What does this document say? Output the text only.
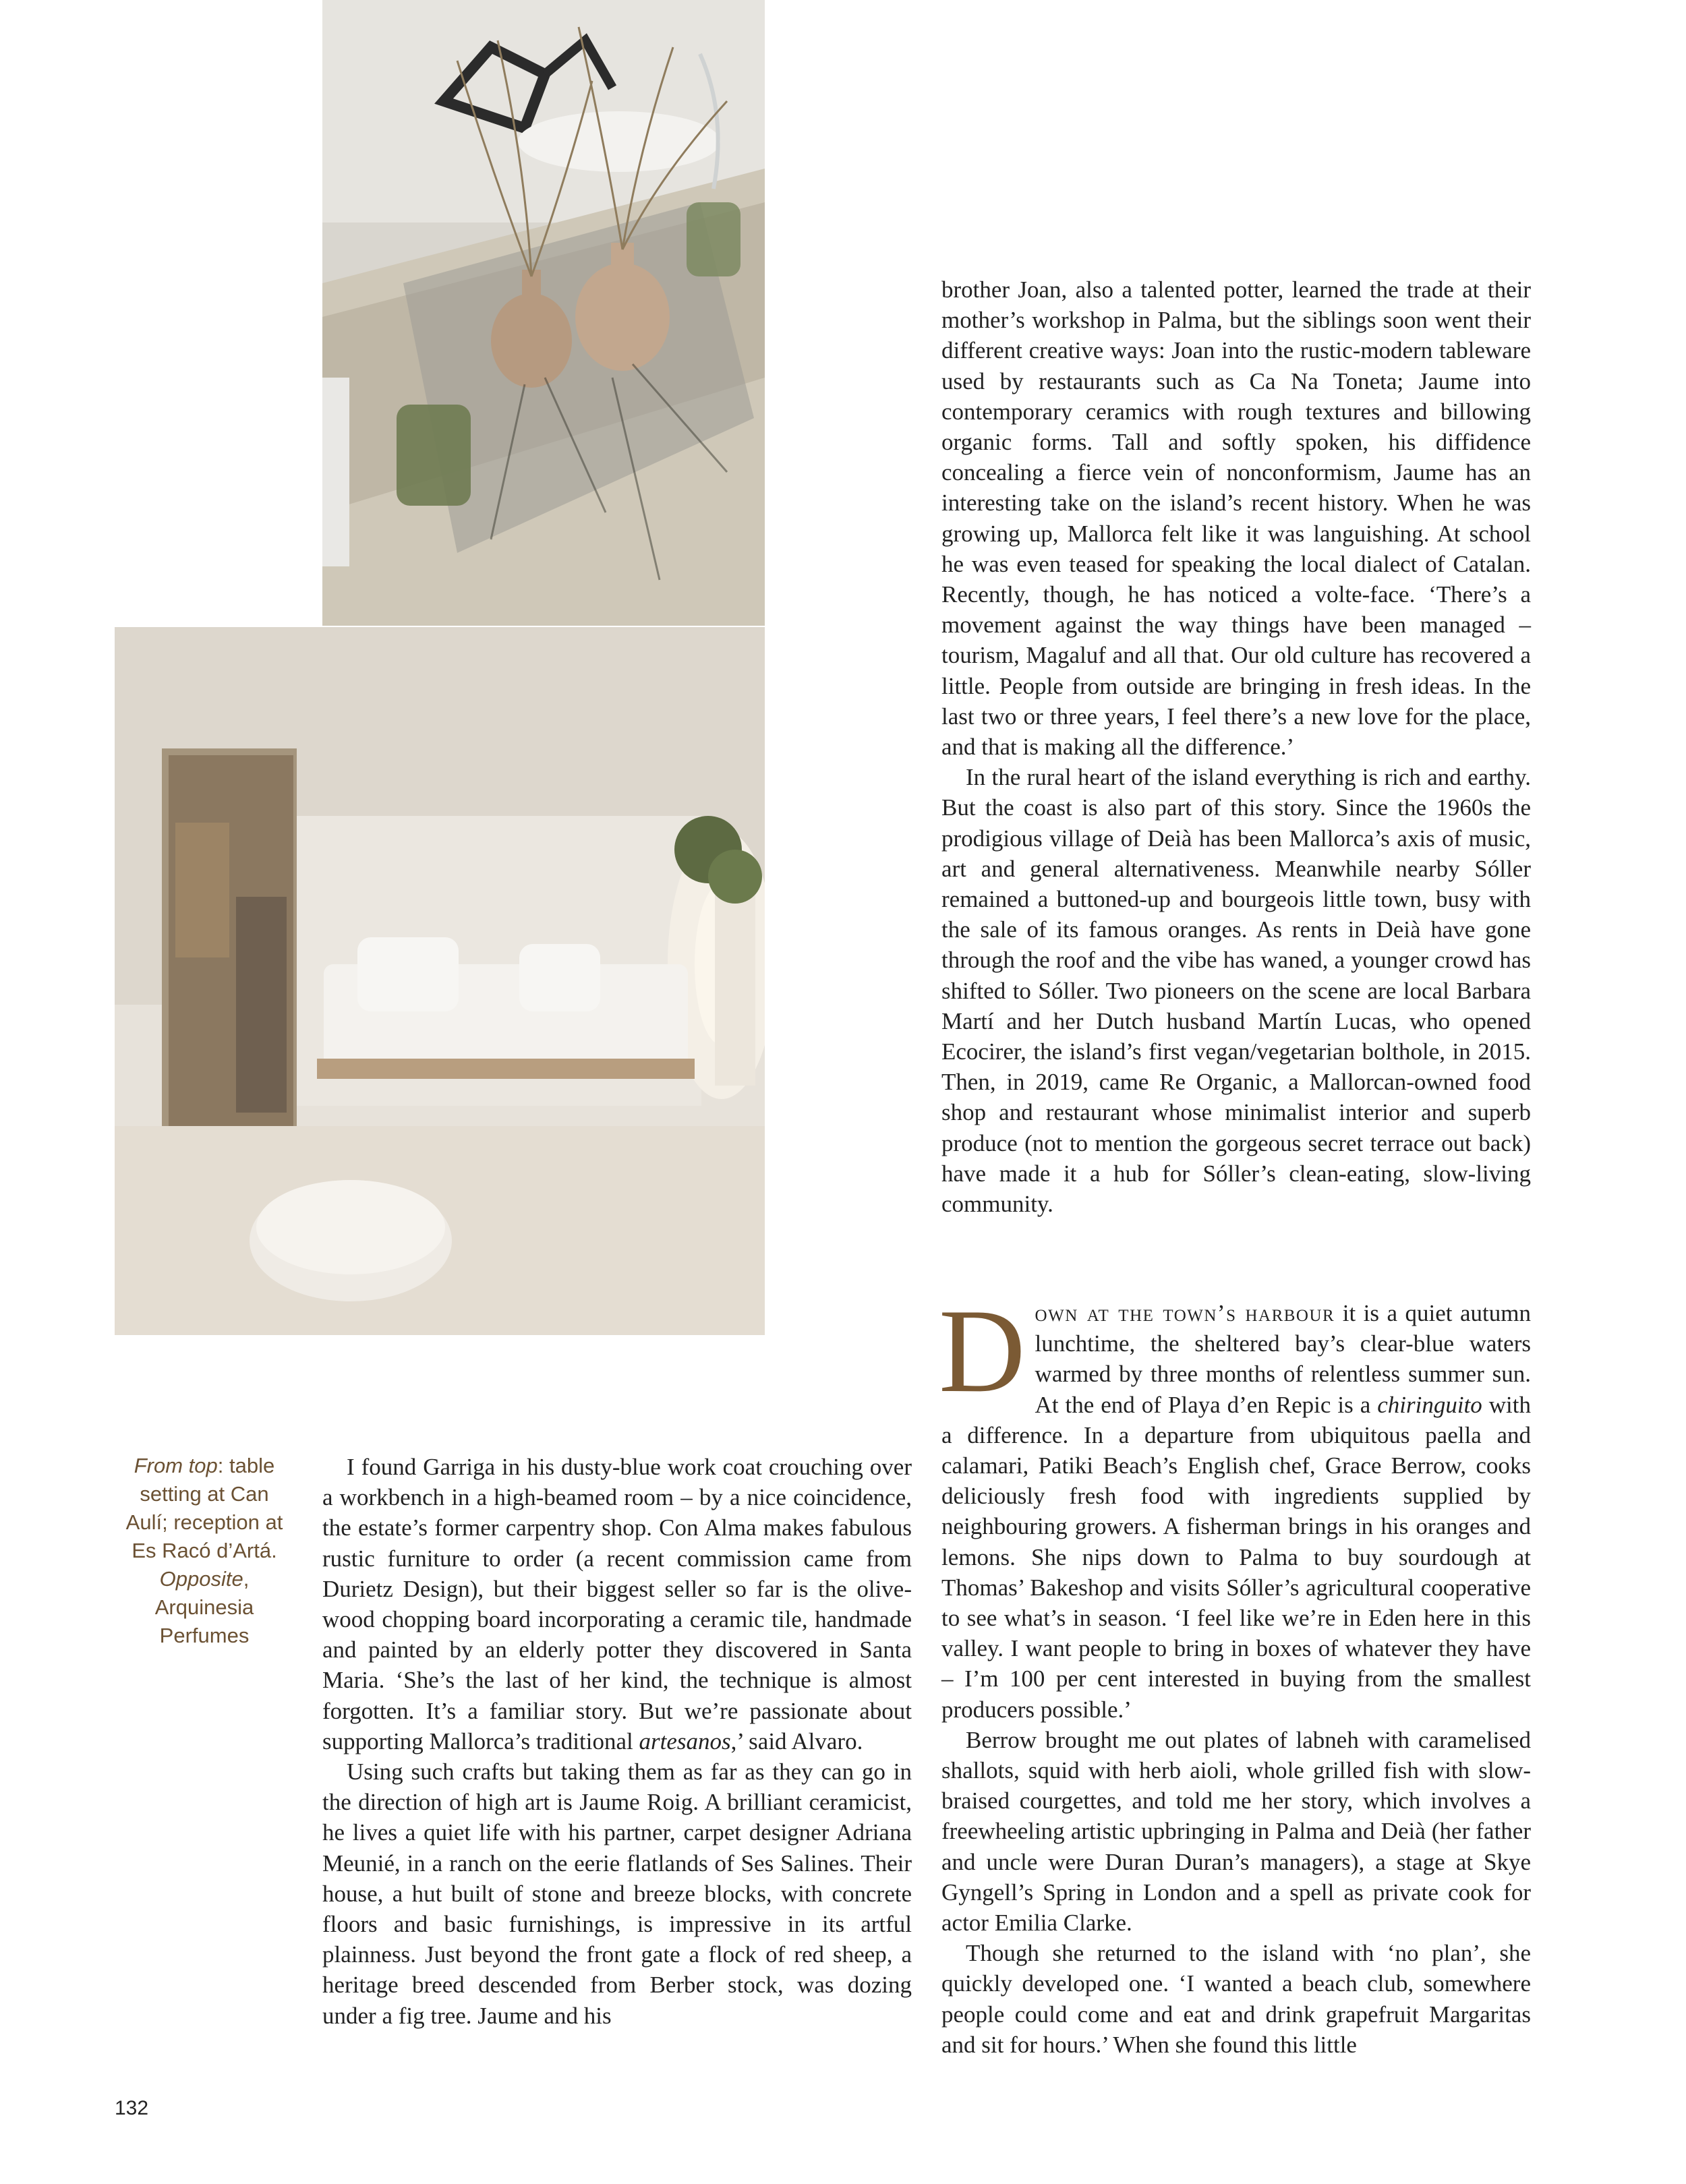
From top: table setting at Can Aulí; reception at Es Racó d’Artá. Opposite, Arquinesia Perfumes

I found Garriga in his dusty-blue work coat crouching over a workbench in a high-beamed room – by a nice coincidence, the estate’s former carpentry shop. Con Alma makes fabulous rustic furniture to order (a recent commission came from Durietz Design), but their biggest seller so far is the olive-wood chopping board incorporating a ceramic tile, handmade and painted by an elderly potter they discovered in Santa Maria. ‘She’s the last of her kind, the technique is almost forgotten. It’s a familiar story. But we’re passionate about supporting Mallorca’s traditional artesanos,’ said Alvaro.

Using such crafts but taking them as far as they can go in the direction of high art is Jaume Roig. A brilliant ceramicist, he lives a quiet life with his partner, carpet designer Adriana Meunié, in a ranch on the eerie flatlands of Ses Salines. Their house, a hut built of stone and breeze blocks, with concrete floors and basic furnishings, is impressive in its artful plainness. Just beyond the front gate a flock of red sheep, a heritage breed descended from Berber stock, was dozing under a fig tree. Jaume and his

brother Joan, also a talented potter, learned the trade at their mother’s workshop in Palma, but the siblings soon went their different creative ways: Joan into the rustic-modern tableware used by restaurants such as Ca Na Toneta; Jaume into contemporary ceramics with rough textures and billowing organic forms. Tall and softly spoken, his diffidence concealing a fierce vein of nonconformism, Jaume has an interesting take on the island’s recent history. When he was growing up, Mallorca felt like it was languishing. At school he was even teased for speaking the local dialect of Catalan. Recently, though, he has noticed a volte-face. ‘There’s a movement against the way things have been managed – tourism, Magaluf and all that. Our old culture has recovered a little. People from outside are bringing in fresh ideas. In the last two or three years, I feel there’s a new love for the place, and that is making all the difference.’

In the rural heart of the island everything is rich and earthy. But the coast is also part of this story. Since the 1960s the prodigious village of Deià has been Mallorca’s axis of music, art and general alternativeness. Meanwhile nearby Sóller remained a buttoned-up and bourgeois little town, busy with the sale of its famous oranges. As rents in Deià have gone through the roof and the vibe has waned, a younger crowd has shifted to Sóller. Two pioneers on the scene are local Barbara Martí and her Dutch husband Martín Lucas, who opened Ecocirer, the island’s first vegan/vegetarian bolthole, in 2015. Then, in 2019, came Re Organic, a Mallorcan-owned food shop and restaurant whose minimalist interior and superb produce (not to mention the gorgeous secret terrace out back) have made it a hub for Sóller’s clean-eating, slow-living community.

Down at the town’s harbour it is a quiet autumn lunchtime, the sheltered bay’s clear-blue waters warmed by three months of relentless summer sun. At the end of Playa d’en Repic is a chiringuito with a difference. In a departure from ubiquitous paella and calamari, Patiki Beach’s English chef, Grace Berrow, cooks deliciously fresh food with ingredients supplied by neighbouring growers. A fisherman brings in his oranges and lemons. She nips down to Palma to buy sourdough at Thomas’ Bakeshop and visits Sóller’s agricultural cooperative to see what’s in season. ‘I feel like we’re in Eden here in this valley. I want people to bring in boxes of whatever they have – I’m 100 per cent interested in buying from the smallest producers possible.’

Berrow brought me out plates of labneh with caramelised shallots, squid with herb aioli, whole grilled fish with slow-braised courgettes, and told me her story, which involves a freewheeling artistic upbringing in Palma and Deià (her father and uncle were Duran Duran’s managers), a stage at Skye Gyngell’s Spring in London and a spell as private cook for actor Emilia Clarke.

Though she returned to the island with ‘no plan’, she quickly developed one. ‘I wanted a beach club, somewhere people could come and eat and drink grapefruit Margaritas and sit for hours.’ When she found this little

132
